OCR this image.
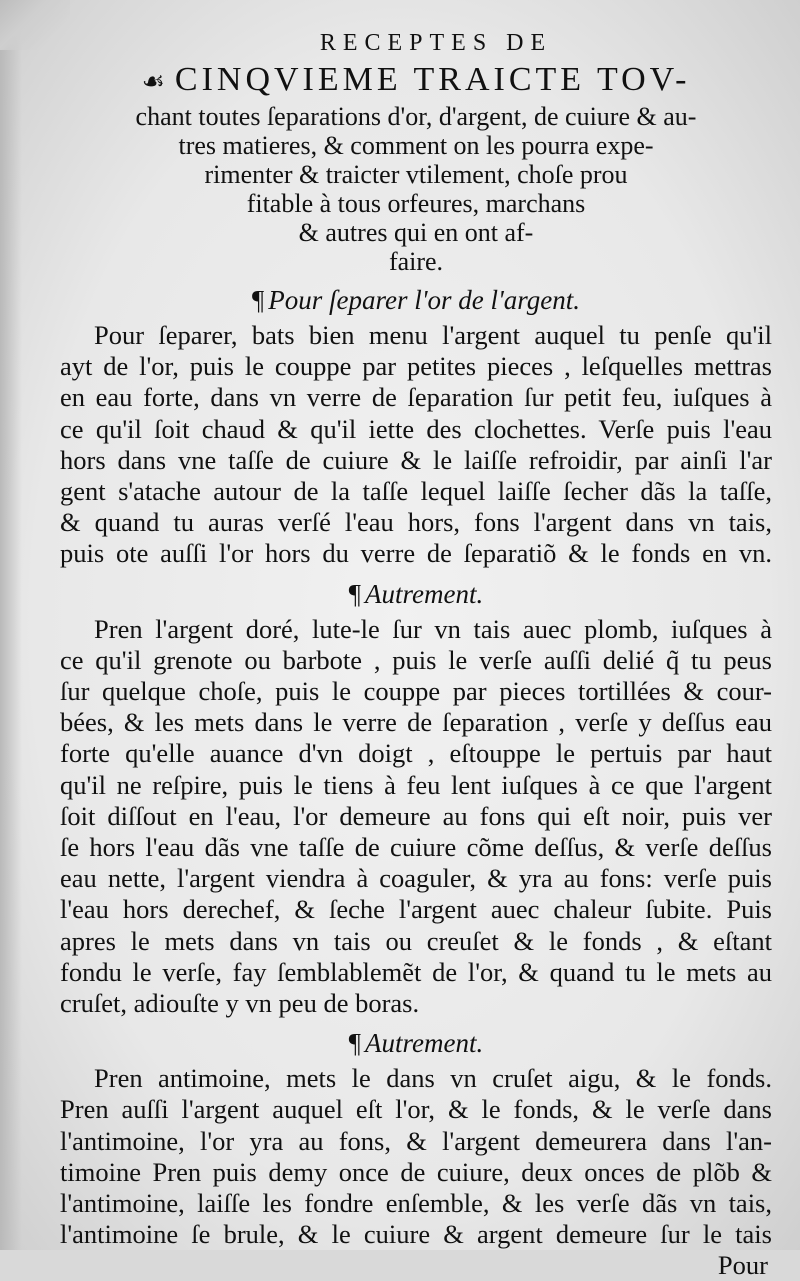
RECEPTES DE
☙ CINQVIEME TRAICTE TOV-
chant toutes ſeparations d'or, d'argent, de cuiure & au-
tres matieres, & comment on les pourra expe-
rimenter & traicter vtilement, choſe prou
fitable à tous orfeures, marchans
& autres qui en ont af-
faire.
¶ Pour ſeparer l'or de l'argent.
Pour ſeparer, bats bien menu l'argent auquel tu penſe qu'il
ayt de l'or, puis le couppe par petites pieces , leſquelles mettras
en eau forte, dans vn verre de ſeparation ſur petit feu, iuſques à
ce qu'il ſoit chaud & qu'il iette des clochettes. Verſe puis l'eau
hors dans vne taſſe de cuiure & le laiſſe refroidir, par ainſi l'ar
gent s'atache autour de la taſſe lequel laiſſe ſecher dãs la taſſe,
& quand tu auras verſé l'eau hors, fons l'argent dans vn tais,
puis ote auſſi l'or hors du verre de ſeparatiõ & le fonds en vn.
¶ Autrement.
Pren l'argent doré, lute-le ſur vn tais auec plomb, iuſques à
ce qu'il grenote ou barbote , puis le verſe auſſi delié q̃ tu peus
ſur quelque choſe, puis le couppe par pieces tortillées & cour-
bées, & les mets dans le verre de ſeparation , verſe y deſſus eau
forte qu'elle auance d'vn doigt , eſtouppe le pertuis par haut
qu'il ne reſpire, puis le tiens à feu lent iuſques à ce que l'argent
ſoit diſſout en l'eau, l'or demeure au fons qui eſt noir, puis ver
ſe hors l'eau dãs vne taſſe de cuiure cõme deſſus, & verſe deſſus
eau nette, l'argent viendra à coaguler, & yra au fons: verſe puis
l'eau hors derechef, & ſeche l'argent auec chaleur ſubite. Puis
apres le mets dans vn tais ou creuſet & le fonds , & eſtant
fondu le verſe, fay ſemblablemẽt de l'or, & quand tu le mets au
cruſet, adiouſte y vn peu de boras.
¶ Autrement.
Pren antimoine, mets le dans vn cruſet aigu, & le fonds.
Pren auſſi l'argent auquel eſt l'or, & le fonds, & le verſe dans
l'antimoine, l'or yra au fons, & l'argent demeurera dans l'an-
timoine Pren puis demy once de cuiure, deux onces de plõb &
l'antimoine, laiſſe les fondre enſemble, & les verſe dãs vn tais,
l'antimoine ſe brule, & le cuiure & argent demeure ſur le tais
Pour
